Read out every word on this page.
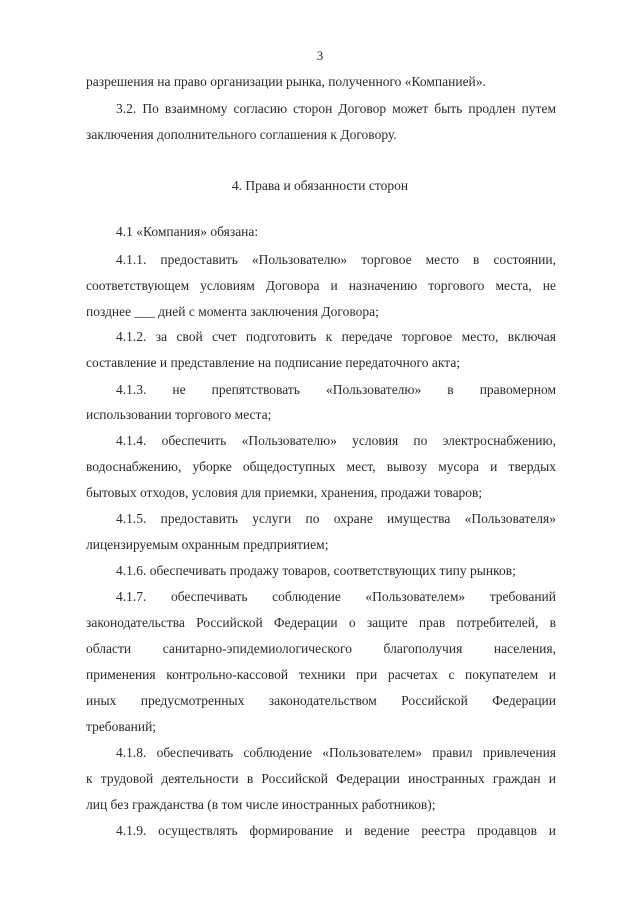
3
разрешения на право организации рынка, полученного «Компанией».
3.2. По взаимному согласию сторон Договор может быть продлен путем
заключения дополнительного соглашения к Договору.
4. Права и обязанности сторон
4.1 «Компания» обязана:
4.1.1. предоставить «Пользователю» торговое место в состоянии,
соответствующем условиям Договора и назначению торгового места, не
позднее ___ дней с момента заключения Договора;
4.1.2. за свой счет подготовить к передаче торговое место, включая
составление и представление на подписание передаточного акта;
4.1.3. не препятствовать «Пользователю» в правомерном
использовании торгового места;
4.1.4. обеспечить «Пользователю» условия по электроснабжению,
водоснабжению, уборке общедоступных мест, вывозу мусора и твердых
бытовых отходов, условия для приемки, хранения, продажи товаров;
4.1.5. предоставить услуги по охране имущества «Пользователя»
лицензируемым охранным предприятием;
4.1.6. обеспечивать продажу товаров, соответствующих типу рынков;
4.1.7. обеспечивать соблюдение «Пользователем» требований
законодательства Российской Федерации о защите прав потребителей, в
области санитарно-эпидемиологического благополучия населения,
применения контрольно-кассовой техники при расчетах с покупателем и
иных предусмотренных законодательством Российской Федерации
требований;
4.1.8. обеспечивать соблюдение «Пользователем» правил привлечения
к трудовой деятельности в Российской Федерации иностранных граждан и
лиц без гражданства (в том числе иностранных работников);
4.1.9. осуществлять формирование и ведение реестра продавцов и
